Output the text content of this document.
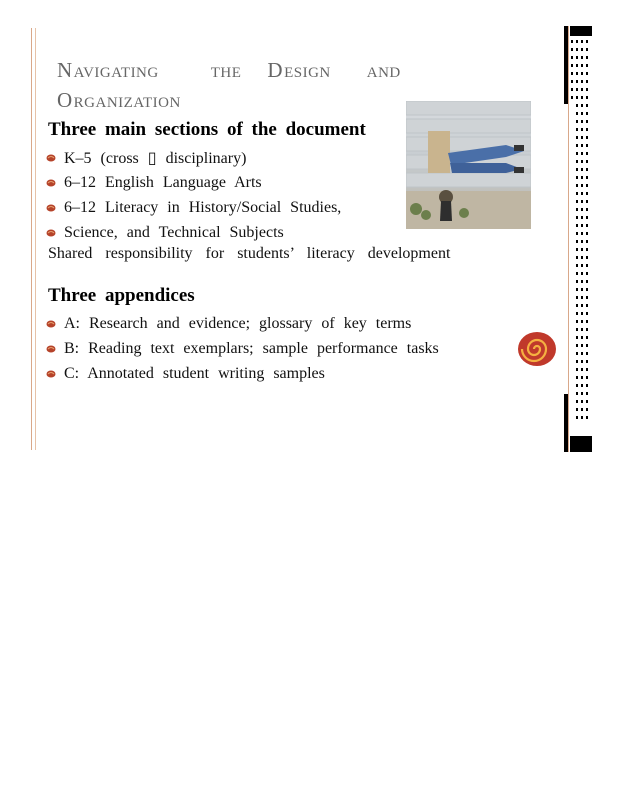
N AVIGATING	THE D ESIGN AND
O RGANIZATION
Three main sections of the document
K–5 (cross ▯ disciplinary)
6–12 English Language Arts
6–12 Literacy in History/Social Studies,
Science, and Technical Subjects
Shared responsibility for students’ literacy development
Three appendices
A: Research and evidence; glossary of key terms
B: Reading text exemplars; sample performance tasks
C: Annotated student writing samples
